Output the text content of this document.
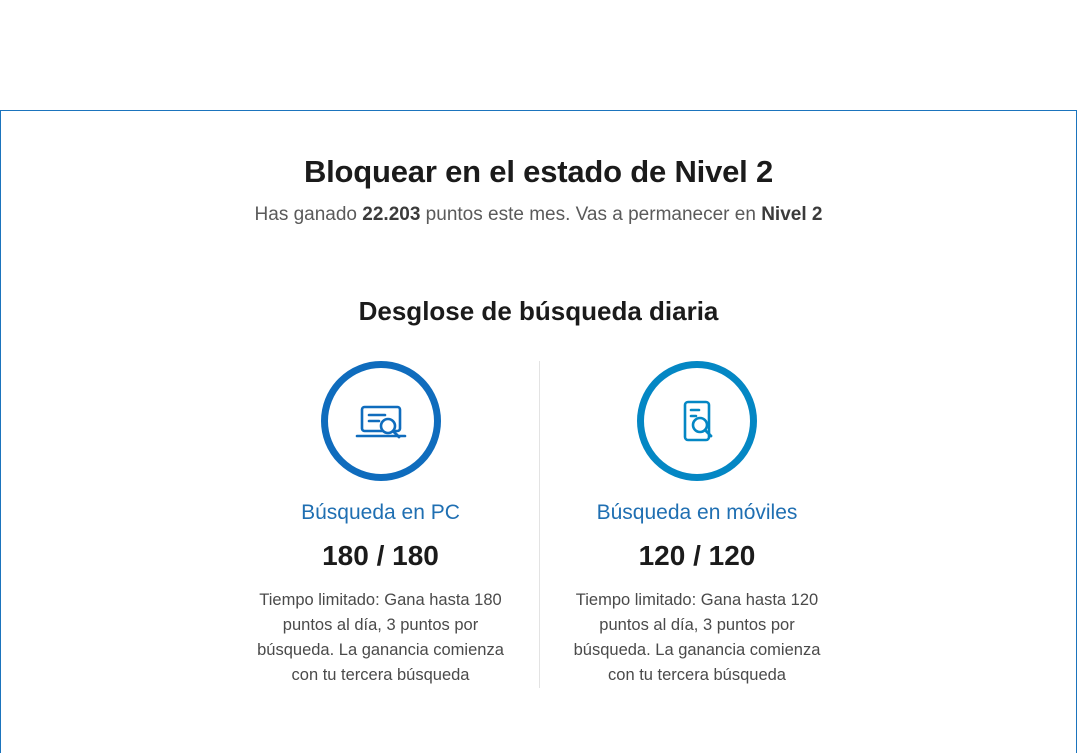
Bloquear en el estado de Nivel 2
Has ganado 22.203 puntos este mes. Vas a permanecer en Nivel 2
Desglose de búsqueda diaria
Búsqueda en PC
180 / 180
Tiempo limitado: Gana hasta 180 puntos al día, 3 puntos por búsqueda. La ganancia comienza con tu tercera búsqueda
Búsqueda en móviles
120 / 120
Tiempo limitado: Gana hasta 120 puntos al día, 3 puntos por búsqueda. La ganancia comienza con tu tercera búsqueda
